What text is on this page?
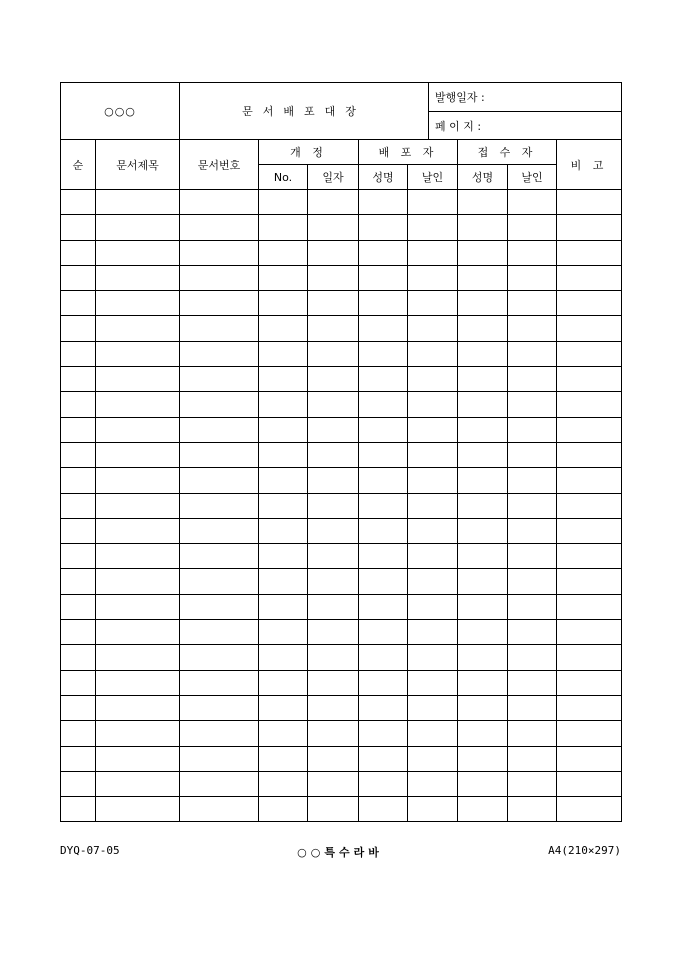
○○○	문서배포대장	발행일자 :
페 이 지 :
순	문서제목	문서번호	개 정		배 포 자		접 수 자		비 고
			No.	일자	성명	날인	성명	날인	

DYQ-07-05	○○특수라바	A4(210×297)
